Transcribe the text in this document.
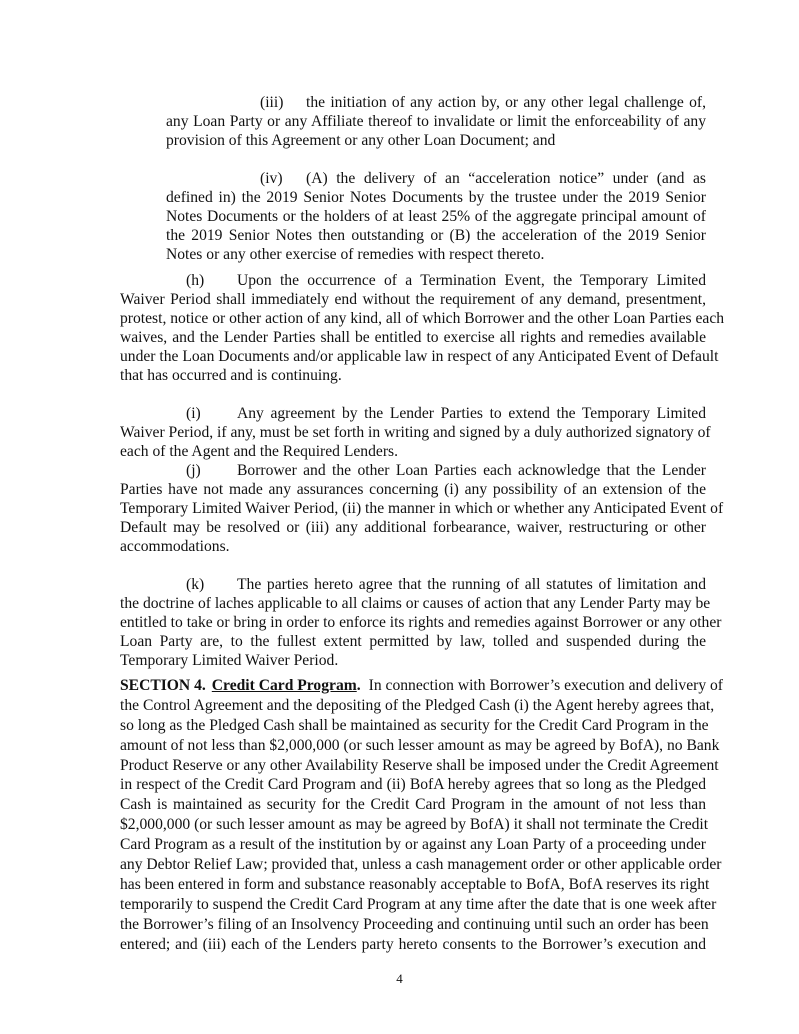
(iii) the initiation of any action by, or any other legal challenge of,
any Loan Party or any Affiliate thereof to invalidate or limit the enforceability of any
provision of this Agreement or any other Loan Document; and
(iv) (A) the delivery of an “acceleration notice” under (and as
defined in) the 2019 Senior Notes Documents by the trustee under the 2019 Senior
Notes Documents or the holders of at least 25% of the aggregate principal amount of
the 2019 Senior Notes then outstanding or (B) the acceleration of the 2019 Senior
Notes or any other exercise of remedies with respect thereto.
(h) Upon the occurrence of a Termination Event, the Temporary Limited
Waiver Period shall immediately end without the requirement of any demand, presentment,
protest, notice or other action of any kind, all of which Borrower and the other Loan Parties each
waives, and the Lender Parties shall be entitled to exercise all rights and remedies available
under the Loan Documents and/or applicable law in respect of any Anticipated Event of Default
that has occurred and is continuing.
(i) Any agreement by the Lender Parties to extend the Temporary Limited
Waiver Period, if any, must be set forth in writing and signed by a duly authorized signatory of
each of the Agent and the Required Lenders.
(j) Borrower and the other Loan Parties each acknowledge that the Lender
Parties have not made any assurances concerning (i) any possibility of an extension of the
Temporary Limited Waiver Period, (ii) the manner in which or whether any Anticipated Event of
Default may be resolved or (iii) any additional forbearance, waiver, restructuring or other
accommodations.
(k) The parties hereto agree that the running of all statutes of limitation and
the doctrine of laches applicable to all claims or causes of action that any Lender Party may be
entitled to take or bring in order to enforce its rights and remedies against Borrower or any other
Loan Party are, to the fullest extent permitted by law, tolled and suspended during the
Temporary Limited Waiver Period.
SECTION 4. Credit Card Program . In connection with Borrower’s execution and delivery of
the Control Agreement and the depositing of the Pledged Cash (i) the Agent hereby agrees that,
so long as the Pledged Cash shall be maintained as security for the Credit Card Program in the
amount of not less than $2,000,000 (or such lesser amount as may be agreed by BofA), no Bank
Product Reserve or any other Availability Reserve shall be imposed under the Credit Agreement
in respect of the Credit Card Program and (ii) BofA hereby agrees that so long as the Pledged
Cash is maintained as security for the Credit Card Program in the amount of not less than
$2,000,000 (or such lesser amount as may be agreed by BofA) it shall not terminate the Credit
Card Program as a result of the institution by or against any Loan Party of a proceeding under
any Debtor Relief Law; provided that, unless a cash management order or other applicable order
has been entered in form and substance reasonably acceptable to BofA, BofA reserves its right
temporarily to suspend the Credit Card Program at any time after the date that is one week after
the Borrower’s filing of an Insolvency Proceeding and continuing until such an order has been
entered; and (iii) each of the Lenders party hereto consents to the Borrower’s execution and
4
